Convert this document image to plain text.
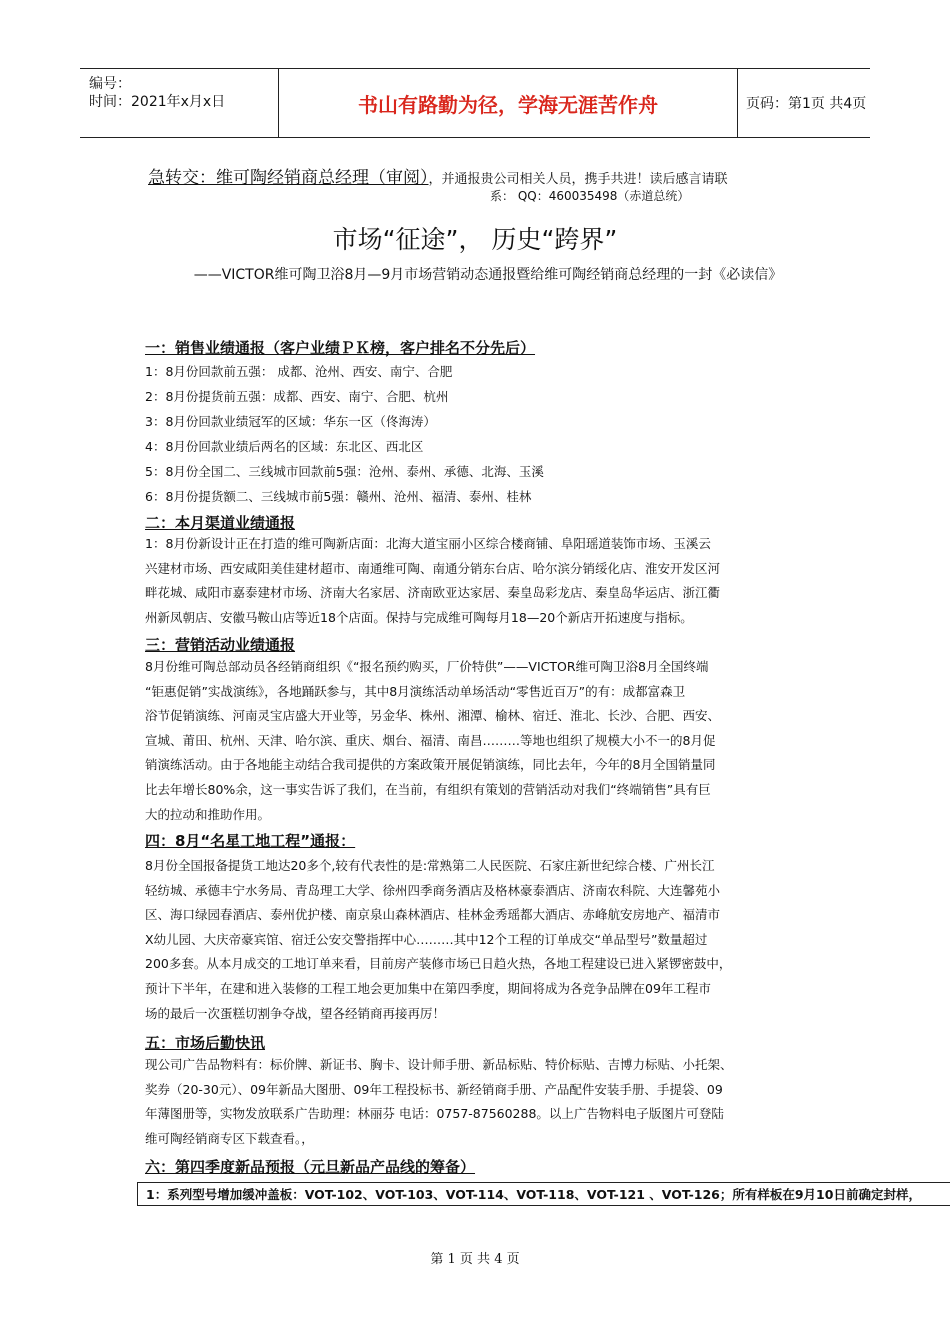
编号：
时间：2021年x月x日	书山有路勤为径，学海无涯苦作舟	页码：第1页 共4页
急转交：维可陶经销商总经理（审阅），并通报贵公司相关人员，携手共进！读后感言请联
系： QQ：460035498（赤道总统）
市场“征途”， 历史“跨界”
——VICTOR维可陶卫浴8月—9月市场营销动态通报暨给维可陶经销商总经理的一封《必读信》
一：销售业绩通报（客户业绩ＰＫ榜，客户排名不分先后）
1：8月份回款前五强： 成都、沧州、西安、南宁、合肥
2：8月份提货前五强：成都、西安、南宁、合肥、杭州
3：8月份回款业绩冠军的区域：华东一区（佟海涛）
4：8月份回款业绩后两名的区域：东北区、西北区
5：8月份全国二、三线城市回款前5强：沧州、泰州、承德、北海、玉溪
6：8月份提货额二、三线城市前5强：赣州、沧州、福清、泰州、桂林
二：本月渠道业绩通报
1：8月份新设计正在打造的维可陶新店面：北海大道宝丽小区综合楼商铺、阜阳瑶道装饰市场、玉溪云
兴建材市场、西安咸阳美佳建材超市、南通维可陶、南通分销东台店、哈尔滨分销绥化店、淮安开发区河
畔花城、咸阳市嘉泰建材市场、济南大名家居、济南欧亚达家居、秦皇岛彩龙店、秦皇岛华运店、浙江衢
州新凤朝店、安徽马鞍山店等近18个店面。保持与完成维可陶每月18—20个新店开拓速度与指标。
三：营销活动业绩通报
8月份维可陶总部动员各经销商组织《“报名预约购买，厂价特供”——VICTOR维可陶卫浴8月全国终端
“钜惠促销”实战演练》，各地踊跃参与，其中8月演练活动单场活动“零售近百万”的有：成都富森卫
浴节促销演练、河南灵宝店盛大开业等，另金华、株州、湘潭、榆林、宿迁、淮北、长沙、合肥、西安、
宣城、莆田、杭州、天津、哈尔滨、重庆、烟台、福清、南昌………等地也组织了规模大小不一的8月促
销演练活动。由于各地能主动结合我司提供的方案政策开展促销演练，同比去年，今年的8月全国销量同
比去年增长80%余，这一事实告诉了我们，在当前，有组织有策划的营销活动对我们“终端销售”具有巨
大的拉动和推助作用。
四：8月“名星工地工程”通报：
8月份全国报备提货工地达20多个,较有代表性的是:常熟第二人民医院、石家庄新世纪综合楼、广州长江
轻纺城、承德丰宁水务局、青岛理工大学、徐州四季商务酒店及格林豪泰酒店、济南农科院、大连馨苑小
区、海口绿园春酒店、泰州优护楼、南京泉山森林酒店、桂林金秀瑶都大酒店、赤峰航安房地产、福清市
X幼儿园、大庆帝豪宾馆、宿迁公安交警指挥中心………其中12个工程的订单成交“单品型号”数量超过
200多套。从本月成交的工地订单来看，目前房产装修市场已日趋火热，各地工程建设已进入紧锣密鼓中，
预计下半年，在建和进入装修的工程工地会更加集中在第四季度，期间将成为各竞争品牌在09年工程市
场的最后一次蛋糕切割争夺战，望各经销商再接再厉！
五：市场后勤快讯
现公司广告品物料有：标价牌、新证书、胸卡、设计师手册、新品标贴、特价标贴、吉博力标贴、小托架、
奖券（20-30元）、09年新品大图册、09年工程投标书、新经销商手册、产品配件安装手册、手提袋、09
年薄图册等，实物发放联系广告助理：林丽芬 电话：0757-87560288。以上广告物料电子版图片可登陆
维可陶经销商专区下载查看。，
六：第四季度新品预报（元旦新品产品线的筹备）
1：系列型号增加缓冲盖板：VOT-102、VOT-103、VOT-114、VOT-118、VOT-121 、VOT-126；所有样板在9月10日前确定封样，
第 1 页 共 4 页
